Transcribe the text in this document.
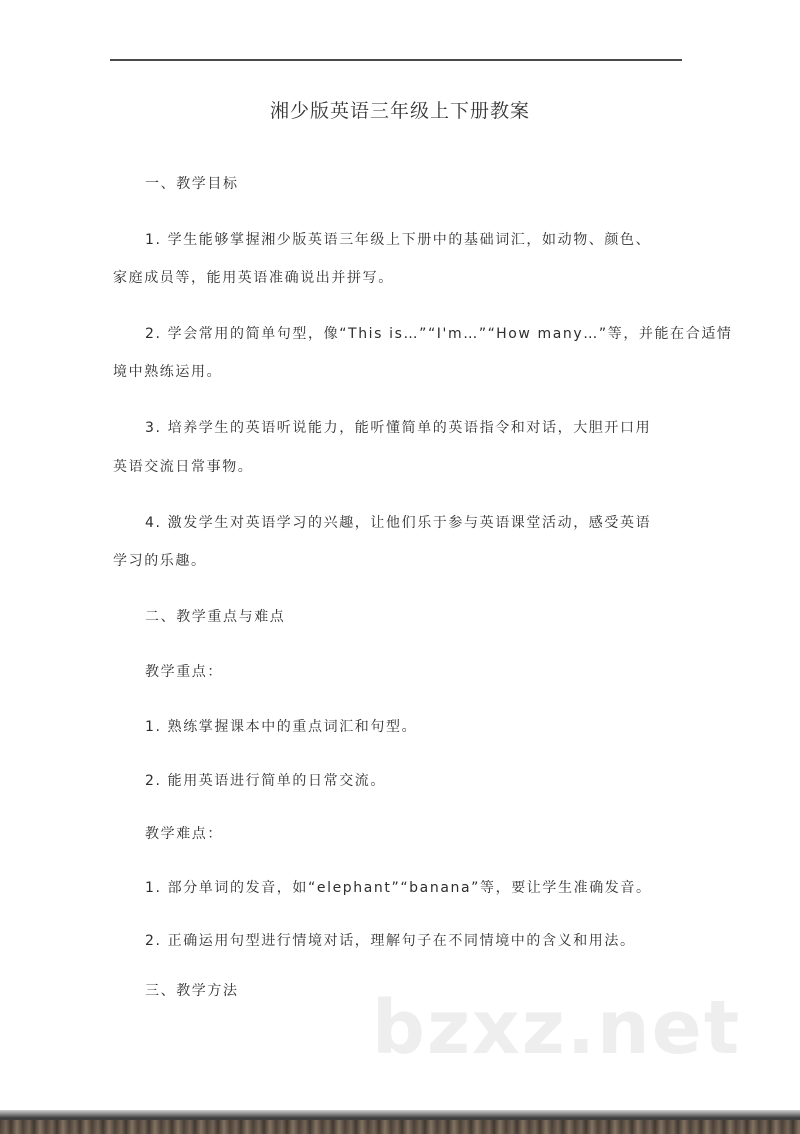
湘少版英语三年级上下册教案
一、教学目标
1. 学生能够掌握湘少版英语三年级上下册中的基础词汇，如动物、颜色、
家庭成员等，能用英语准确说出并拼写。
2. 学会常用的简单句型，像“This is…”“I'm…”“How many…”等，并能在合适情
境中熟练运用。
3. 培养学生的英语听说能力，能听懂简单的英语指令和对话，大胆开口用
英语交流日常事物。
4. 激发学生对英语学习的兴趣，让他们乐于参与英语课堂活动，感受英语
学习的乐趣。
二、教学重点与难点
教学重点：
1. 熟练掌握课本中的重点词汇和句型。
2. 能用英语进行简单的日常交流。
教学难点：
1. 部分单词的发音，如“elephant”“banana”等，要让学生准确发音。
2. 正确运用句型进行情境对话，理解句子在不同情境中的含义和用法。
三、教学方法 bzxz.net
